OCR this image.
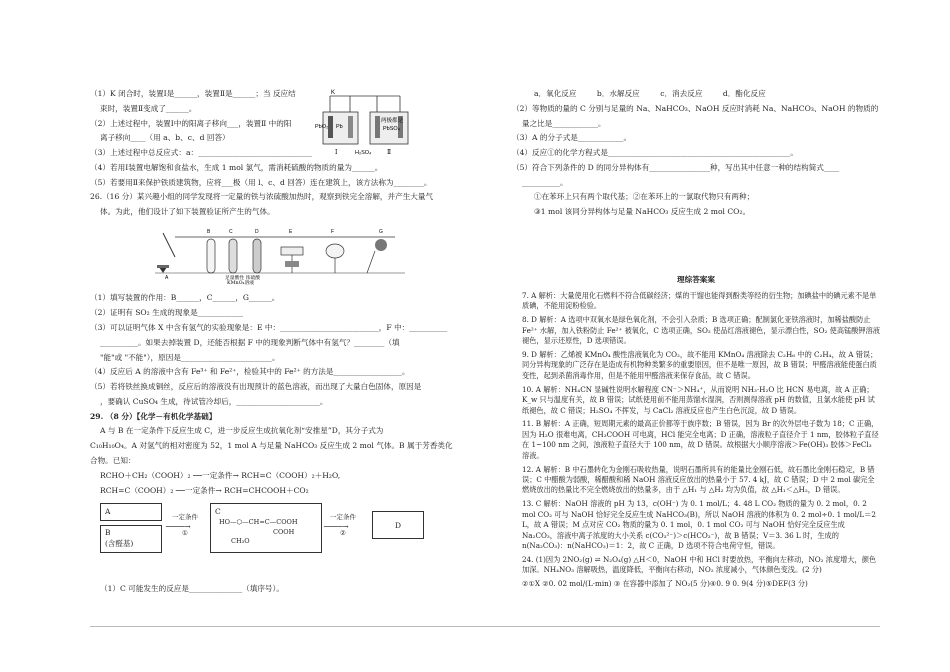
（1）K 闭合时，装置Ⅰ是______，装置Ⅱ是______；当 反应结

束时，装置Ⅱ变成了______。

（2）上述过程中，装置Ⅰ中的阳离子移向___，装置Ⅱ 中的阳

离子移向____（用 a、b、c、d 回答）

（3）上述过程中总反应式：a：______________________________

（4）若用Ⅰ装置电解饱和食盐水，生成 1 mol 氯气，需消耗硫酸的物质的量为______。

（5）若要用Ⅱ来保护铁质建筑物，应将___极（用 l、c、d 回答）连在建筑上，该方法称为________。

K
PbO₂ Pb
两极都是
PbSO₄
H₂SO₄
Ⅰ	Ⅱ

26.（16 分）某兴趣小组的同学发现将一定量的铁与浓硫酸加热时，观察到铁完全溶解，并产生大量气

体。为此，他们设计了如下装置验证所产生的气体。

A
B	C	D	E	F	G
足量酸性 浓硫酸
KMnO₄溶液

（1）填写装置的作用：B______，C______，G______。

（2）证明有 SO₂ 生成的现象是____________

（3）可以证明气体 X 中含有氢气的实验现象是：E 中：__________________________，F 中：__________

__________。如果去掉装置 D，还能否根据 F 中的现象判断气体中有氢气？________（填

"能"或 "不能"），原因是________________________。

（4）反应后 A 的溶液中含有 Fe³⁺ 和 Fe²⁺，检验其中的 Fe²⁺ 的方法是__________________。

（5）若将铁丝换成铜丝，反应后的溶液没有出现预计的蓝色溶液，而出现了大量白色固体，原因是

，要确认 CuSO₄ 生成，待试管冷却后，______________________。

29. （8 分）【化学－有机化学基础】

A 与 B 在一定条件下反应生成 C，进一步反应生成抗氧化剂“安推星”D，其分子式为

C₁₀H₁₀O₄。A 对氢气的相对密度为 52，1 mol A 与足量 NaHCO₃ 反应生成 2 mol 气体。B 属于芳香类化

合物。已知：

RCHO＋CH₂（COOH）₂ ──一定条件→ RCH=C（COOH）₂＋H₂O,

RCH=C（COOH）₂ ──一定条件→ RCH=CHCOOH＋CO₂

A
B
(含醛基)
一定条件
────→
①
C
HO—⬡—CH=C—COOH
COOH
CH₃O
一定条件
────→
②
D

（1）C 可能发生的反应是______________（填序号）。

a．氧化反应	b．水解反应	c．消去反应	d．酯化反应

（2）等物质的量的 C 分别与足量的 Na、NaHCO₃、NaOH 反应时消耗 Na、NaHCO₃、NaOH 的物质的

量之比是____________。

（3）A 的分子式是____________。

（4）反应①的化学方程式是________________________________________________。

（5）符合下列条件的 D 的同分异构体有________________种，写出其中任意一种的结构简式____

__________。

①在苯环上只有两个取代基；②在苯环上的一氯取代物只有两种；

③1 mol 该同分异构体与足量 NaHCO₃ 反应生成 2 mol CO₂。

理综答案案

7. A 解析：大量使用化石燃料不符合低碳经济；煤的干馏也能得到酚类等经的衍生物；加碘盐中的碘元素不是单质碘，不能用淀粉检验。

8. D 解析：A 选项中双氧水是绿色氧化剂，不会引入杂质；B 选项正确；配制氯化亚铁溶液时，加稀盐酸防止 Fe²⁺ 水解，加入铁粉防止 Fe²⁺ 被氧化，C 选项正确，SO₂ 使品红溶液褪色，显示漂白性，SO₂ 使高锰酸钾溶液褪色，显示还原性，D 选项错误。

9. D 解析：乙烯被 KMnO₄ 酸性溶液氧化为 CO₂，故不能用 KMnO₄ 溶液除去 C₂H₆ 中的 C₂H₄，故 A 错误；同分异构现象的广泛存在是造成有机物种类繁多的重要原因，但不是唯一原因，故 B 错误；甲醛溶液能使蛋白质变性，起到杀菌消毒作用，但是不能用甲醛溶液来保存食品，故 C 错误。

10. A 解析：NH₄CN 显碱性说明水解程度 CN⁻＞NH₄⁺，从而说明 NH₃·H₂O 比 HCN 易电离，故 A 正确；K_w 只与温度有关，故 B 错误；试纸使用前不能用蒸馏水湿润，否则测得溶液 pH 的数值，且氯水能使 pH 试纸褪色，故 C 错误；H₂SO₄ 不挥发，与 CaCl₂ 溶液反应也产生白色沉淀，故 D 错误。

11. B 解析：A 正确，短周期元素的最高正价都等于族序数；B 错误，因为 Br 的次外层电子数为 18；C 正确，因为 H₂O 很难电离，CH₃COOH 可电离，HCl 能完全电离；D 正确，溶液粒子直径介于 1 nm，胶体粒子直径在 1~100 nm 之间，浊液粒子直径大于 100 nm，故 D 错误。故根据大小顺序溶液＞Fe(OH)₃ 胶体＞FeCl₃ 溶液。

12. A 解析：B 中石墨转化为金刚石吸收热量，说明石墨所具有的能量比金刚石低，故石墨比金刚石稳定，B 错误；C 中醋酸为弱酸，稀醋酸和稀 NaOH 溶液反应放出的热量小于 57. 4 kJ，故 C 错误；D 中 2 mol 碳完全燃烧放出的热量比不完全燃烧放出的热量多，由于 △H₁ 与 △H₂ 均为负值，故 △H₁＜△H₂，D 错误。

13. C 解析：NaOH 溶液的 pH 为 13，c(OH⁻) 为 0. 1 mol/L；4. 48 L CO₂ 物质的量为 0. 2 mol，0. 2 mol CO₂ 可与 NaOH 恰好完全反应生成 NaHCO₃(B)，所以 NaOH 溶液的体积为 0. 2 mol÷0. 1 mol/L＝2 L，故 A 错误；M 点对应 CO₂ 物质的量为 0. 1 mol，0. 1 mol CO₂ 可与 NaOH 恰好完全反应生成 Na₂CO₃，溶液中离子浓度的大小关系 c(CO₃²⁻)＞c(HCO₃⁻)，故 B 错误；V＝3. 36 L 时，生成的 n(Na₂CO₃)：n(NaHCO₃)＝1：2，故 C 正确，D 选项不符合电荷守恒，错误。

24. (1)因为 2NO₂(g) ⇌ N₂O₄(g) △H＜0，NaOH 中和 HCl 时要放热，平衡向左移动，NO₂ 浓度增大，颜色加深。NH₄NO₃ 溶解吸热，温度降低，平衡向右移动，NO₂ 浓度减小，气体颜色变浅。(2 分)

②①X ②0. 02 mol/(L·min) ③ 在容器中添加了 NO₂(5 分)④0. 9 0. 9(4 分)⑤DEF(3 分)
